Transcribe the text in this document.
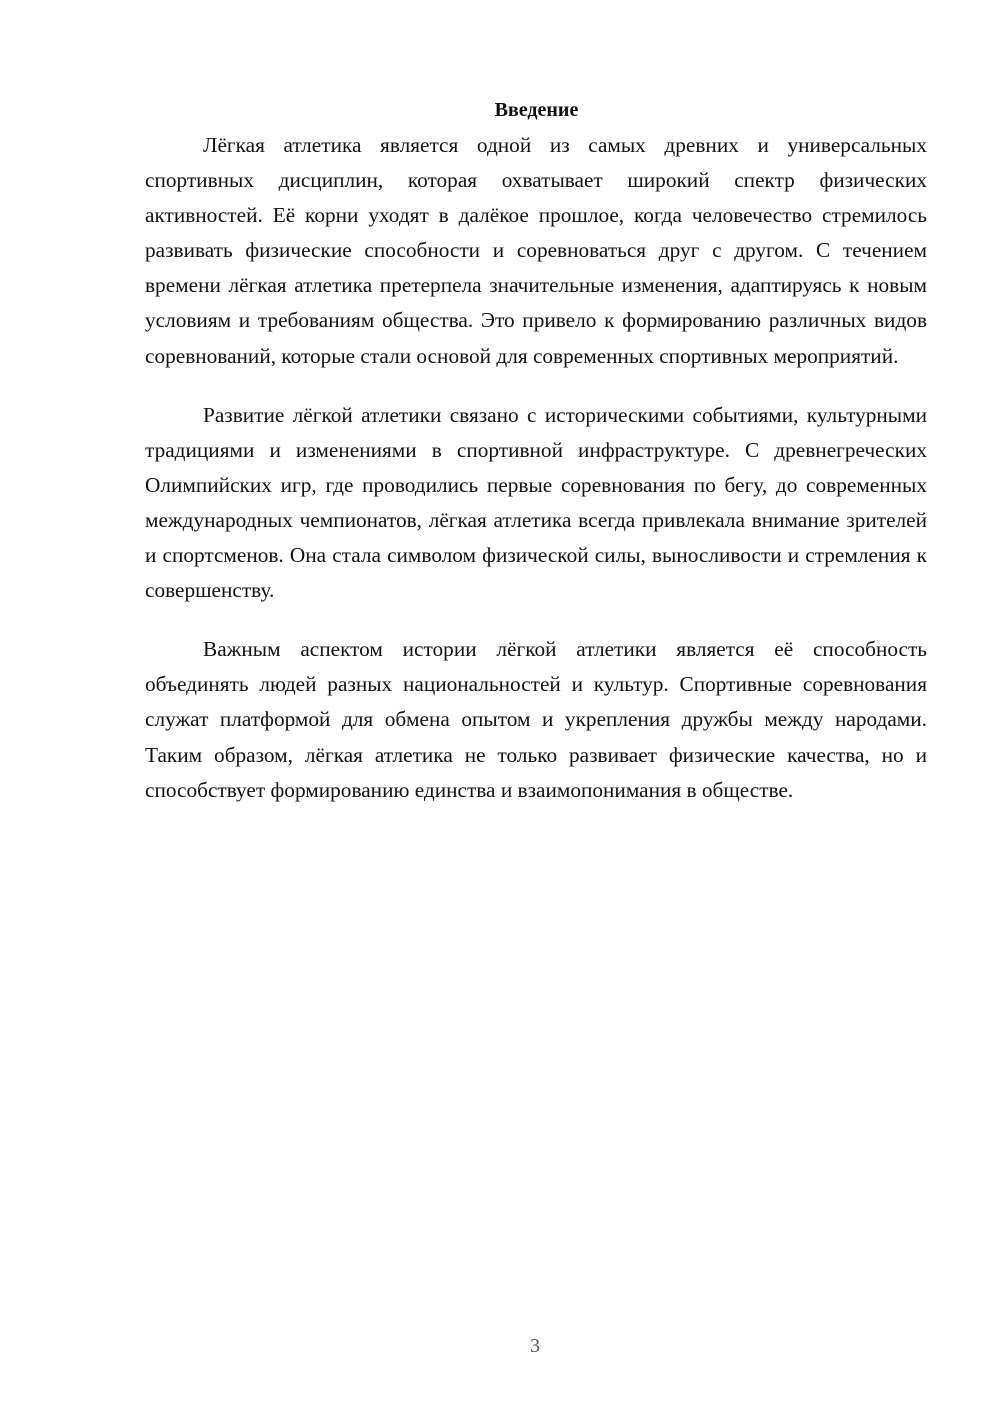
Введение

Лёгкая атлетика является одной из самых древних и универсальных спортивных дисциплин, которая охватывает широкий спектр физических активностей. Её корни уходят в далёкое прошлое, когда человечество стремилось развивать физические способности и соревноваться друг с другом. С течением времени лёгкая атлетика претерпела значительные изменения, адаптируясь к новым условиям и требованиям общества. Это привело к формированию различных видов соревнований, которые стали основой для современных спортивных мероприятий.

Развитие лёгкой атлетики связано с историческими событиями, культурными традициями и изменениями в спортивной инфраструктуре. С древнегреческих Олимпийских игр, где проводились первые соревнования по бегу, до современных международных чемпионатов, лёгкая атлетика всегда привлекала внимание зрителей и спортсменов. Она стала символом физической силы, выносливости и стремления к совершенству.

Важным аспектом истории лёгкой атлетики является её способность объединять людей разных национальностей и культур. Спортивные соревнования служат платформой для обмена опытом и укрепления дружбы между народами. Таким образом, лёгкая атлетика не только развивает физические качества, но и способствует формированию единства и взаимопонимания в обществе.

3
